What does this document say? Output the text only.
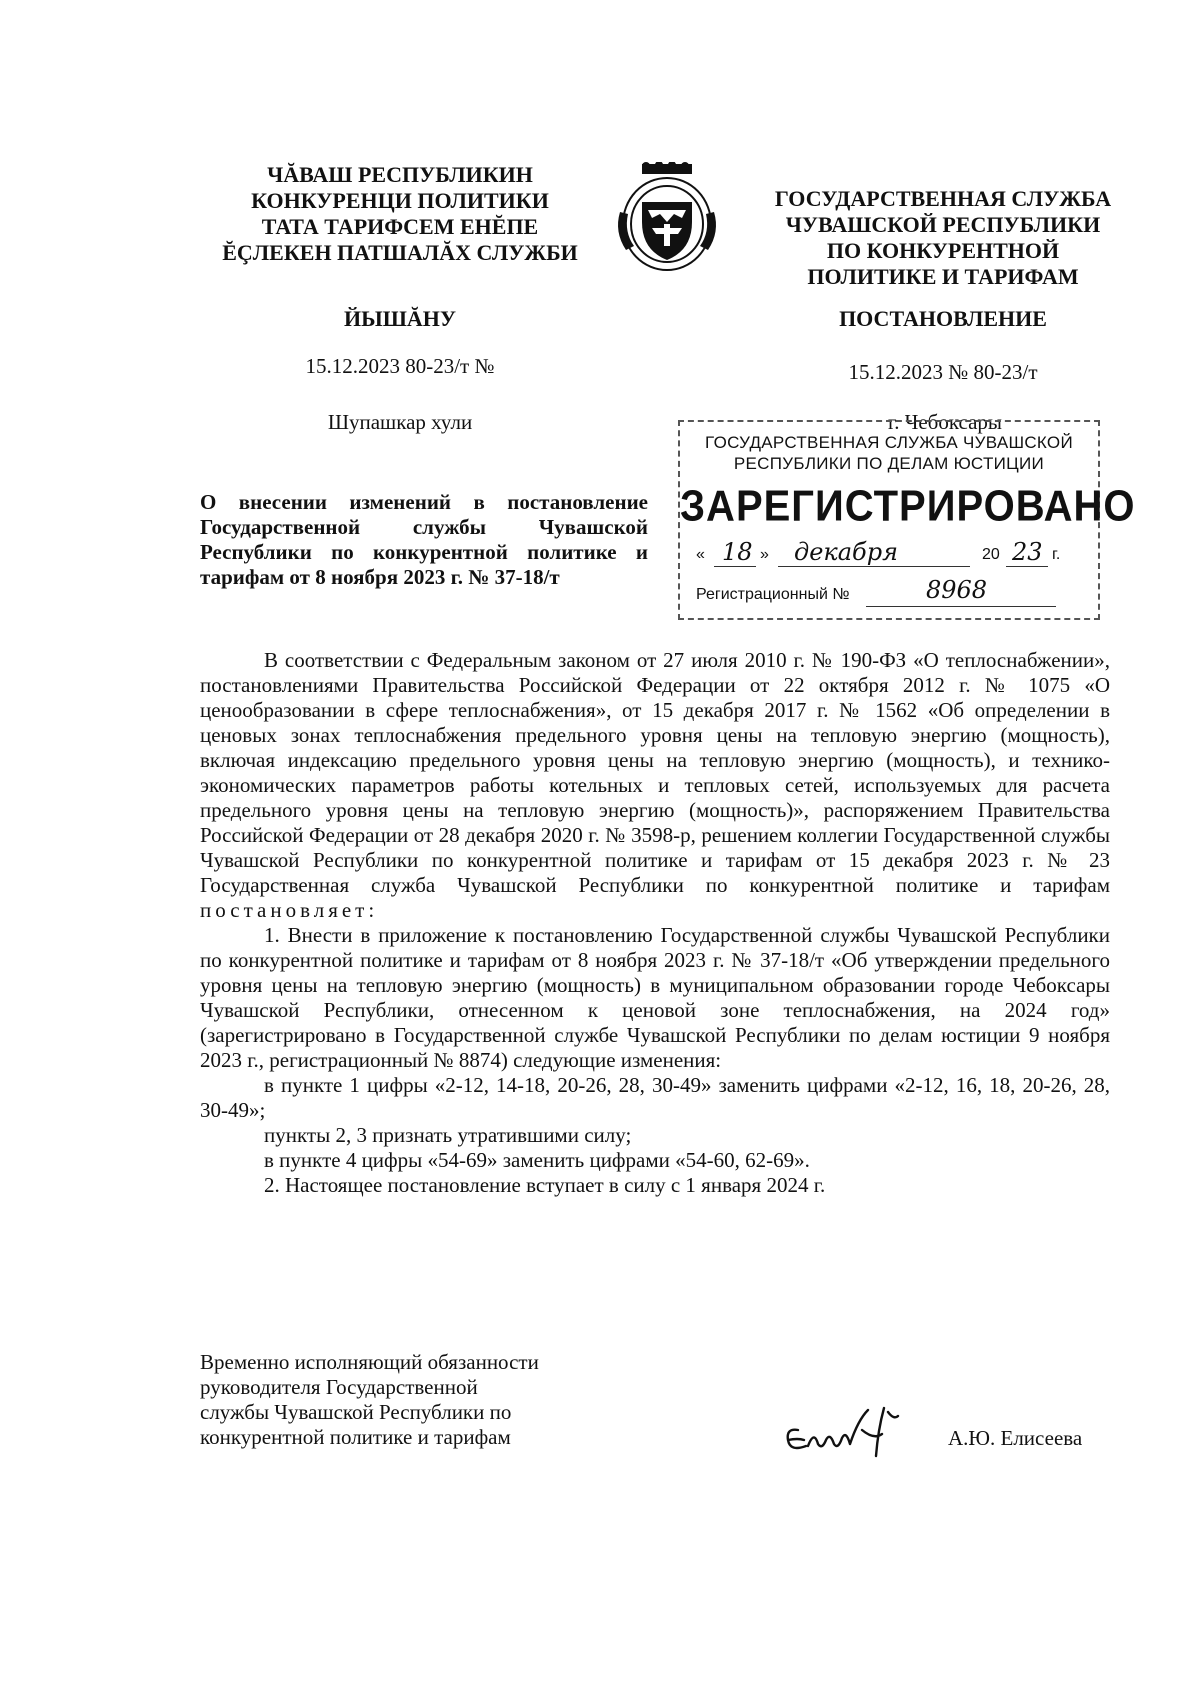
ЧĂВАШ РЕСПУБЛИКИН
КОНКУРЕНЦИ ПОЛИТИКИ
ТАТА ТАРИФСЕМ ЕНĔПЕ
ĔÇЛЕКЕН ПАТШАЛĂХ СЛУЖБИ
ГОСУДАРСТВЕННАЯ СЛУЖБА
ЧУВАШСКОЙ РЕСПУБЛИКИ
ПО КОНКУРЕНТНОЙ
ПОЛИТИКЕ И ТАРИФАМ
ЙЫШĂНУ	ПОСТАНОВЛЕНИЕ
15.12.2023 80-23/т №	15.12.2023 № 80-23/т
Шупашкар хули	г. Чебоксары
ГОСУДАРСТВЕННАЯ СЛУЖБА ЧУВАШСКОЙ
РЕСПУБЛИКИ ПО ДЕЛАМ ЮСТИЦИИ
ЗАРЕГИСТРИРОВАНО
« 18 » декабря	20 23 г.
Регистрационный №	8968
О внесении изменений в постановление Государственной службы Чувашской Республики по конкурентной политике и тарифам от 8 ноября 2023 г. № 37-18/т

В соответствии с Федеральным законом от 27 июля 2010 г. № 190-ФЗ «О теплоснабжении», постановлениями Правительства Российской Федерации от 22 октября 2012 г. № 1075 «О ценообразовании в сфере теплоснабжения», от 15 декабря 2017 г. № 1562 «Об определении в ценовых зонах теплоснабжения предельного уровня цены на тепловую энергию (мощность), включая индексацию предельного уровня цены на тепловую энергию (мощность), и технико-экономических параметров работы котельных и тепловых сетей, используемых для расчета предельного уровня цены на тепловую энергию (мощность)», распоряжением Правительства Российской Федерации от 28 декабря 2020 г. № 3598-р, решением коллегии Государственной службы Чувашской Республики по конкурентной политике и тарифам от 15 декабря 2023 г. № 23 Государственная служба Чувашской Республики по конкурентной политике и тарифам постановляет:

1. Внести в приложение к постановлению Государственной службы Чувашской Республики по конкурентной политике и тарифам от 8 ноября 2023 г. № 37-18/т «Об утверждении предельного уровня цены на тепловую энергию (мощность) в муниципальном образовании городе Чебоксары Чувашской Республики, отнесенном к ценовой зоне теплоснабжения, на 2024 год» (зарегистрировано в Государственной службе Чувашской Республики по делам юстиции 9 ноября 2023 г., регистрационный № 8874) следующие изменения:

в пункте 1 цифры «2-12, 14-18, 20-26, 28, 30-49» заменить цифрами «2-12, 16, 18, 20-26, 28, 30-49»;

пункты 2, 3 признать утратившими силу;

в пункте 4 цифры «54-69» заменить цифрами «54-60, 62-69».

2. Настоящее постановление вступает в силу с 1 января 2024 г.

Временно исполняющий обязанности
руководителя Государственной
службы Чувашской Республики по
конкурентной политике и тарифам	А.Ю. Елисеева
